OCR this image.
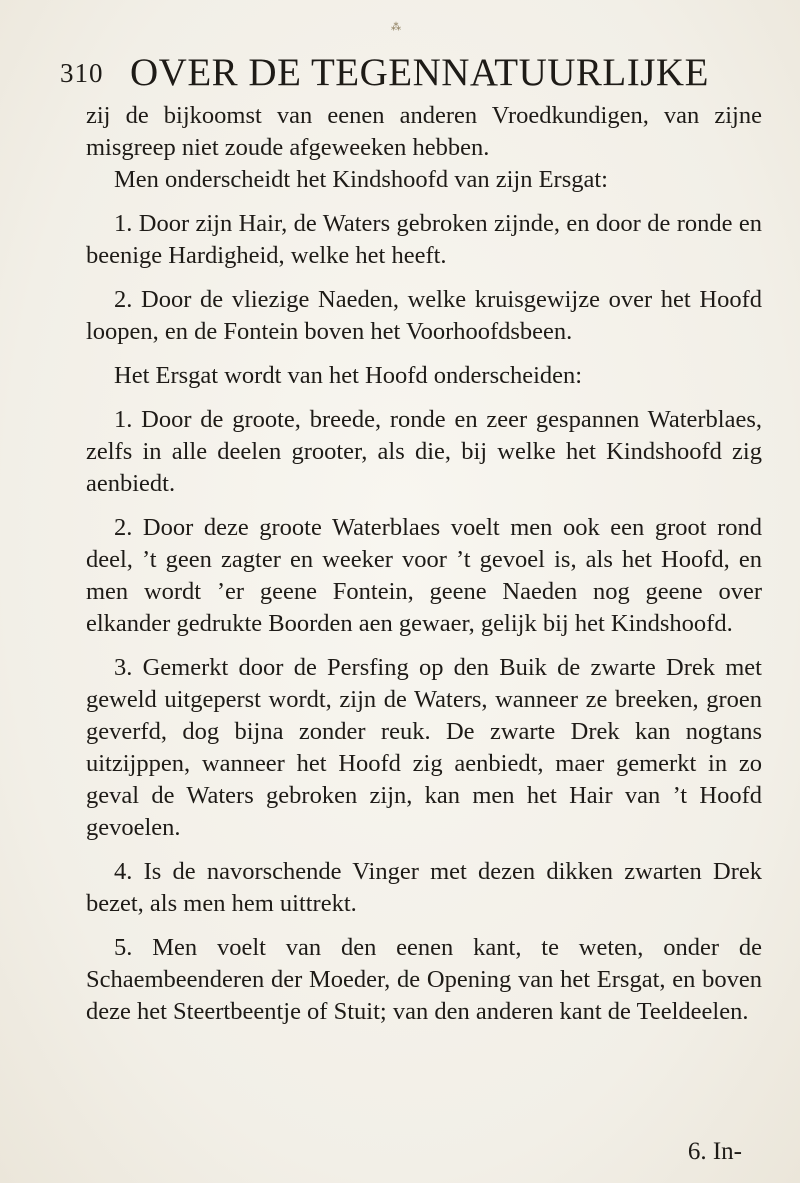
⁂
310 OVER DE TEGENNATUURLIJKE

zij de bijkoomst van eenen anderen Vroedkundigen, van zijne misgreep niet zoude afgeweeken hebben.

Men onderscheidt het Kindshoofd van zijn Ersgat:

1. Door zijn Hair, de Waters gebroken zijnde, en door de ronde en beenige Hardigheid, welke het heeft.

2. Door de vliezige Naeden, welke kruisgewijze over het Hoofd loopen, en de Fontein boven het Voorhoofdsbeen.

Het Ersgat wordt van het Hoofd onderscheiden:

1. Door de groote, breede, ronde en zeer gespannen Waterblaes, zelfs in alle deelen grooter, als die, bij welke het Kindshoofd zig aenbiedt.

2. Door deze groote Waterblaes voelt men ook een groot rond deel, ’t geen zagter en weeker voor ’t gevoel is, als het Hoofd, en men wordt ’er geene Fontein, geene Naeden nog geene over elkander gedrukte Boorden aen gewaer, gelijk bij het Kindshoofd.

3. Gemerkt door de Persfing op den Buik de zwarte Drek met geweld uitgeperst wordt, zijn de Waters, wanneer ze breeken, groen geverfd, dog bijna zonder reuk. De zwarte Drek kan nogtans uitzijppen, wanneer het Hoofd zig aenbiedt, maer gemerkt in zo geval de Waters gebroken zijn, kan men het Hair van ’t Hoofd gevoelen.

4. Is de navorschende Vinger met dezen dikken zwarten Drek bezet, als men hem uittrekt.

5. Men voelt van den eenen kant, te weten, onder de Schaembeenderen der Moeder, de Opening van het Ersgat, en boven deze het Steertbeentje of Stuit; van den anderen kant de Teeldeelen.

6. In-
